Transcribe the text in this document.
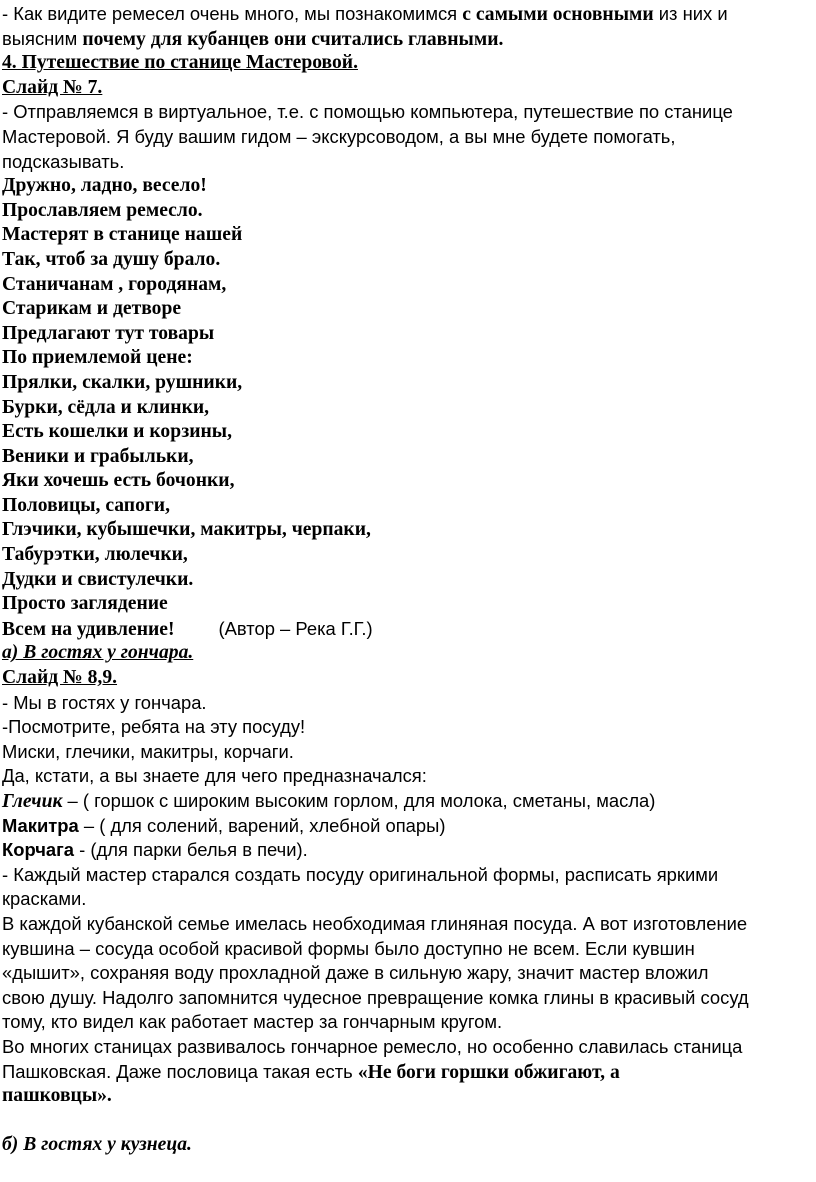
- Как видите ремесел очень много, мы познакомимся с самыми основными из них и

выясним почему для кубанцев они считались главными.

4. Путешествие по станице Мастеровой.

Слайд № 7.

- Отправляемся в виртуальное, т.е. с помощью компьютера, путешествие по станице

Мастеровой. Я буду вашим гидом – экскурсоводом, а вы мне будете помогать,

подсказывать.

Дружно, ладно, весело!

Прославляем ремесло.

Мастерят в станице нашей

Так, чтоб за душу брало.

Станичанам , городянам,

Старикам и детворе

Предлагают тут товары

По приемлемой цене:

Прялки, скалки, рушники,

Бурки, сёдла и клинки,

Есть кошелки и корзины,

Веники и грабыльки,

Яки хочешь есть бочонки,

Половицы, сапоги,

Глэчики, кубышечки, макитры, черпаки,

Табурэтки, люлечки,

Дудки и свистулечки.

Просто заглядение

Всем на удивление! (Автор – Река Г.Г.)

а) В гостях у гончара.

Слайд № 8,9.

- Мы в гостях у гончара.

-Посмотрите, ребята на эту посуду!

Миски, глечики, макитры, корчаги.

Да, кстати, а вы знаете для чего предназначался:

Глечик – ( горшок с широким высоким горлом, для молока, сметаны, масла)

Макитра – ( для солений, варений, хлебной опары)

Корчага - (для парки белья в печи).

- Каждый мастер старался создать посуду оригинальной формы, расписать яркими

красками.

В каждой кубанской семье имелась необходимая глиняная посуда. А вот изготовление

кувшина – сосуда особой красивой формы было доступно не всем. Если кувшин

«дышит», сохраняя воду прохладной даже в сильную жару, значит мастер вложил

свою душу. Надолго запомнится чудесное превращение комка глины в красивый сосуд

тому, кто видел как работает мастер за гончарным кругом.

Во многих станицах развивалось гончарное ремесло, но особенно славилась станица

Пашковская. Даже пословица такая есть «Не боги горшки обжигают, а

пашковцы».

б) В гостях у кузнеца.
